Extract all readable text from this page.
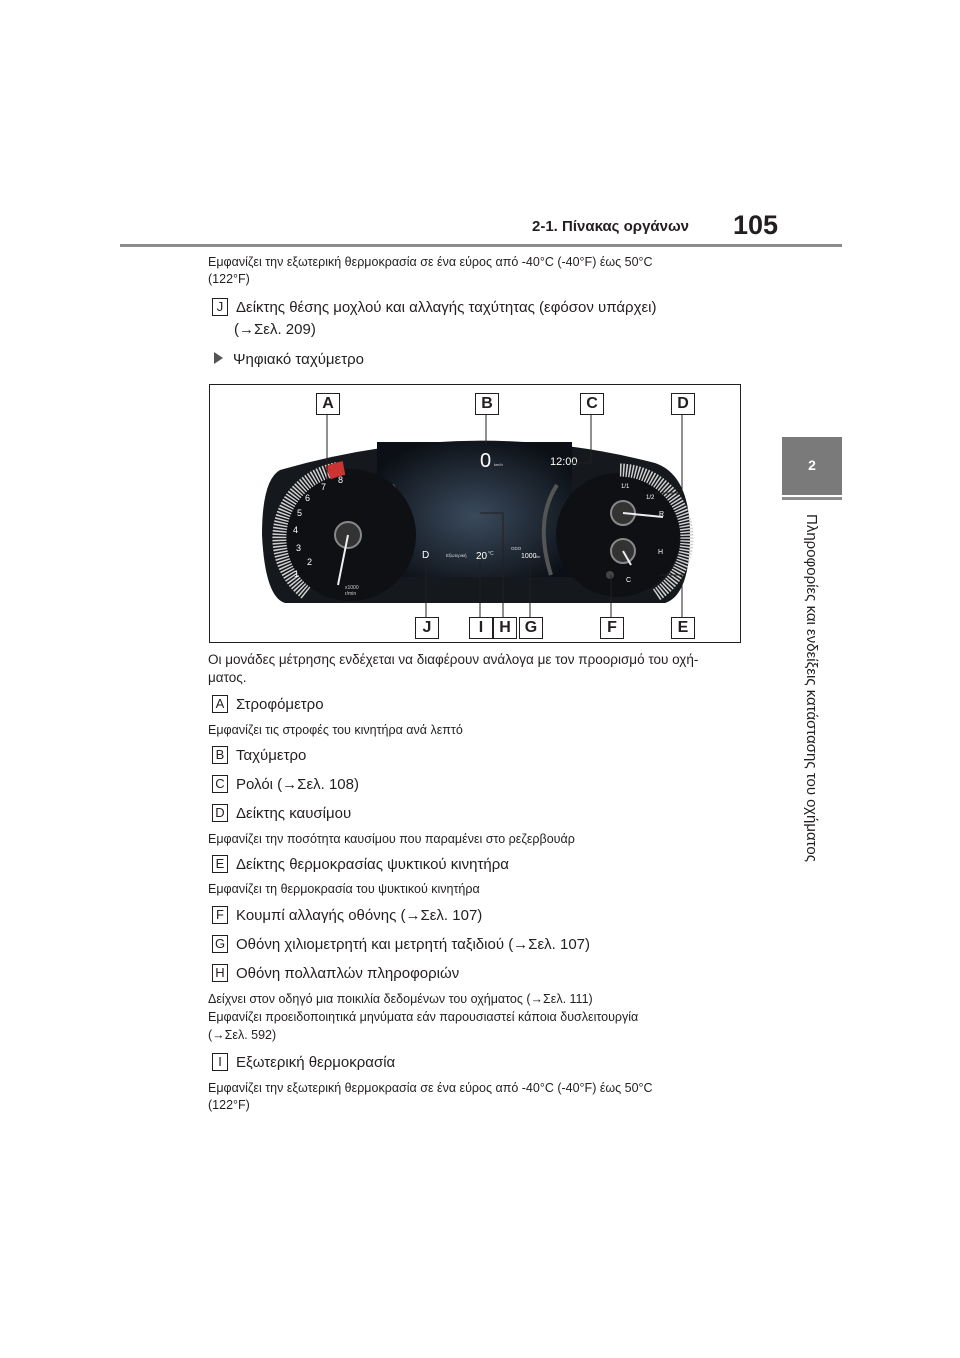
2-1. Πίνακας οργάνων 105
2
Πληροφορίες και ενδείξεις κατάστασης του οχήματος
Εμφανίζει την εξωτερική θερμοκρασία σε ένα εύρος από -40°C (-40°F) έως 50°C
(122°F)
J Δείκτης θέσης μοχλού και αλλαγής ταχύτητας (εφόσον υπάρχει)
(→Σελ. 209)
Ψηφιακό ταχύμετρο
1
2
3
4
5
6
7
8
x1000
r/min
1/1
1/2
R
H
C
0 km/h	12:00
D	Εξωτερική 20 °C
ODO
1000
km
A	B	C	D
J	I	H G	F	E
Οι μονάδες μέτρησης ενδέχεται να διαφέρουν ανάλογα με τον προορισμό του οχή-
ματος.
A Στροφόμετρο
Εμφανίζει τις στροφές του κινητήρα ανά λεπτό
B Ταχύμετρο
C Ρολόι (→Σελ. 108)
D Δείκτης καυσίμου
Εμφανίζει την ποσότητα καυσίμου που παραμένει στο ρεζερβουάρ
E Δείκτης θερμοκρασίας ψυκτικού κινητήρα
Εμφανίζει τη θερμοκρασία του ψυκτικού κινητήρα
F Κουμπί αλλαγής οθόνης (→Σελ. 107)
G Οθόνη χιλιομετρητή και μετρητή ταξιδιού (→Σελ. 107)
H Οθόνη πολλαπλών πληροφοριών
Δείχνει στον οδηγό μια ποικιλία δεδομένων του οχήματος (→Σελ. 111)
Εμφανίζει προειδοποιητικά μηνύματα εάν παρουσιαστεί κάποια δυσλειτουργία
(→Σελ. 592)
I Εξωτερική θερμοκρασία
Εμφανίζει την εξωτερική θερμοκρασία σε ένα εύρος από -40°C (-40°F) έως 50°C
(122°F)
